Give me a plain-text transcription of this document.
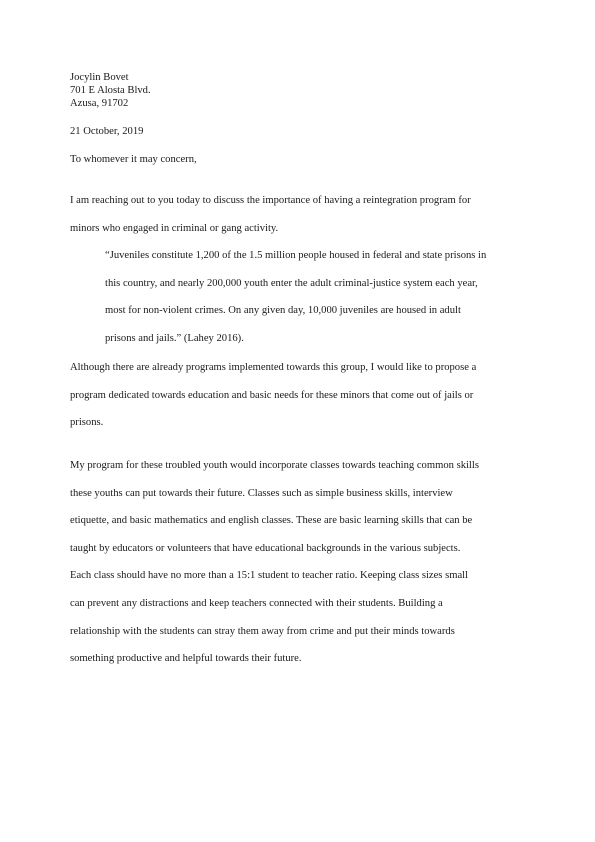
Jocylin Bovet
701 E Alosta Blvd.
Azusa, 91702

21 October, 2019

To whomever it may concern,

I am reaching out to you today to discuss the importance of having a reintegration program for
minors who engaged in criminal or gang activity.

“Juveniles constitute 1,200 of the 1.5 million people housed in federal and state prisons in
this country, and nearly 200,000 youth enter the adult criminal-justice system each year,
most for non-violent crimes. On any given day, 10,000 juveniles are housed in adult
prisons and jails.” (Lahey 2016).

Although there are already programs implemented towards this group, I would like to propose a
program dedicated towards education and basic needs for these minors that come out of jails or
prisons.

My program for these troubled youth would incorporate classes towards teaching common skills
these youths can put towards their future. Classes such as simple business skills, interview
etiquette, and basic mathematics and english classes. These are basic learning skills that can be
taught by educators or volunteers that have educational backgrounds in the various subjects.
Each class should have no more than a 15:1 student to teacher ratio. Keeping class sizes small
can prevent any distractions and keep teachers connected with their students. Building a
relationship with the students can stray them away from crime and put their minds towards
something productive and helpful towards their future.
